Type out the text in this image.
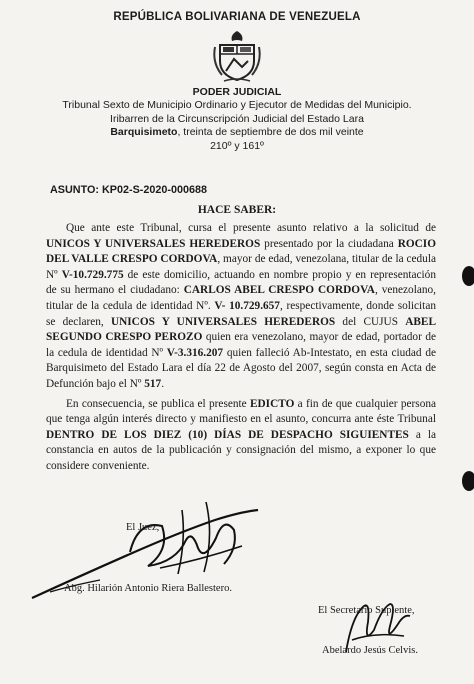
REPÚBLICA BOLIVARIANA DE VENEZUELA
PODER JUDICIAL
Tribunal Sexto de Municipio Ordinario y Ejecutor de Medidas del Municipio.
Iribarren de la Circunscripción Judicial del Estado Lara
Barquisimeto, treinta de septiembre de dos mil veinte
210º y 161º
ASUNTO: KP02-S-2020-000688
HACE SABER:

Que ante este Tribunal, cursa el presente asunto relativo a la solicitud de UNICOS Y UNIVERSALES HEREDEROS presentado por la ciudadana ROCIO DEL VALLE CRESPO CORDOVA, mayor de edad, venezolana, titular de la cedula Nº V-10.729.775 de este domicilio, actuando en nombre propio y en representación de su hermano el ciudadano: CARLOS ABEL CRESPO CORDOVA, venezolano, titular de la cedula de identidad Nº. V- 10.729.657, respectivamente, donde solicitan se declaren, UNICOS Y UNIVERSALES HEREDEROS del CUJUS ABEL SEGUNDO CRESPO PEROZO quien era venezolano, mayor de edad, portador de la cedula de identidad Nº V-3.316.207 quien falleció Ab-Intestato, en esta ciudad de Barquisimeto del Estado Lara el día 22 de Agosto del 2007, según consta en Acta de Defunción bajo el Nº 517.

En consecuencia, se publica el presente EDICTO a fin de que cualquier persona que tenga algún interés directo y manifiesto en el asunto, concurra ante éste Tribunal DENTRO DE LOS DIEZ (10) DÍAS DE DESPACHO SIGUIENTES a la constancia en autos de la publicación y consignación del mismo, a exponer lo que considere conveniente.

El Juez,
Abg. Hilarión Antonio Riera Ballestero.
El Secretario Suplente,
Abelardo Jesús Celvis.
